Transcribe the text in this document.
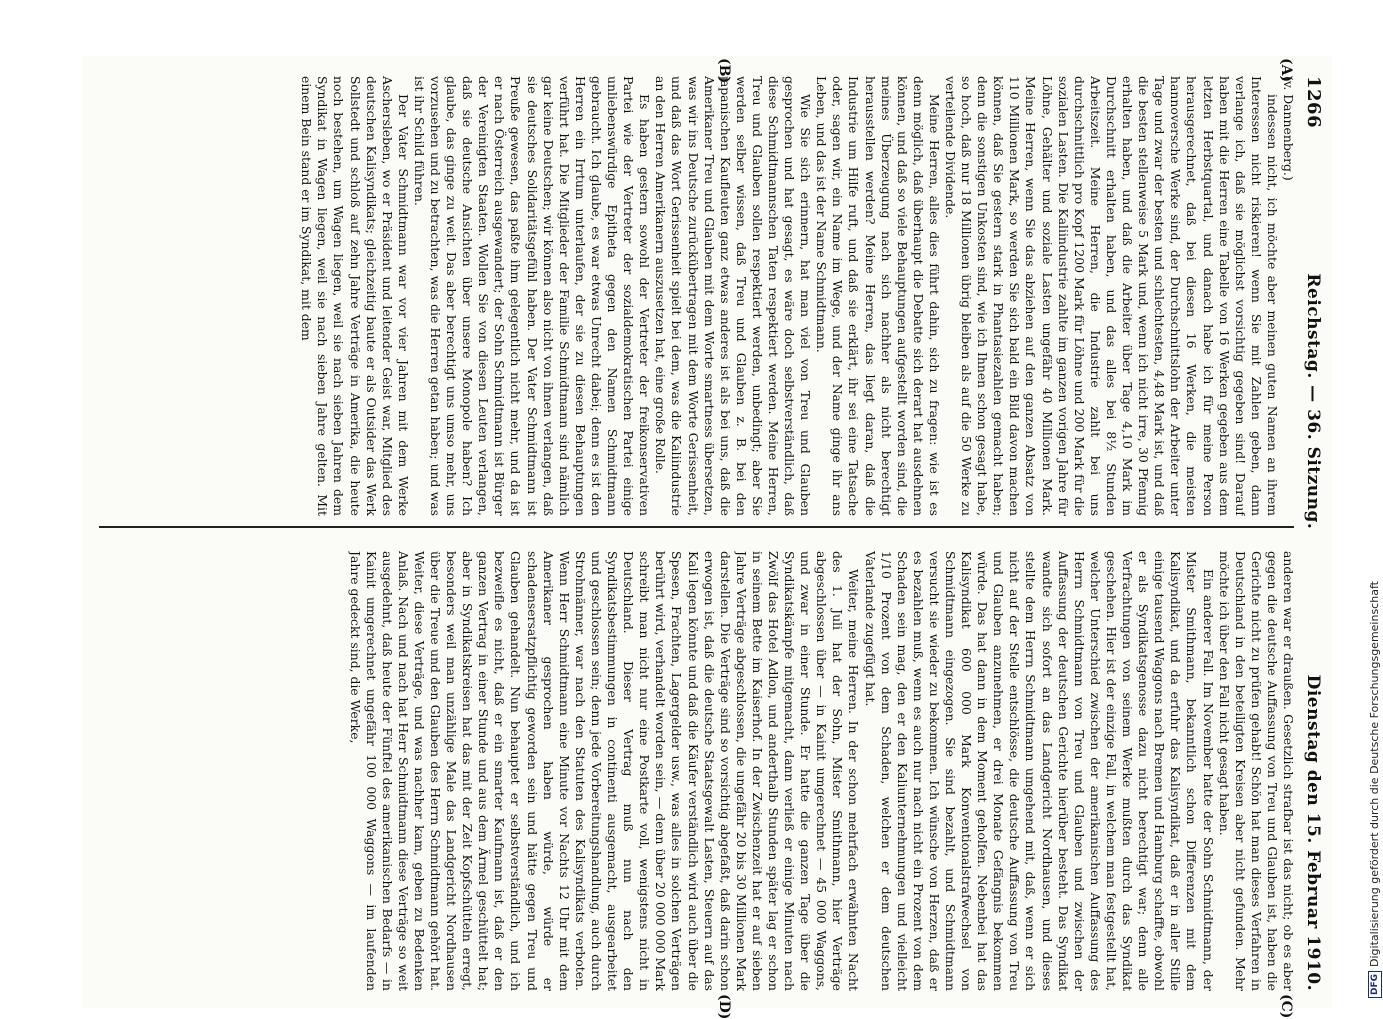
1266
Reichstag. — 36. Sitzung.
Dienstag den 15. Februar 1910.
(A)
(B)
(C)
(D)

(v. Dannenberg.)

indessen nicht, ich möchte aber meinen guten Namen an ihrem Interessen nicht riskieren! wenn Sie mit Zahlen geben, dann verlange ich, daß sie möglichst vorsichtig gegeben sind! Darauf haben mit die Herren eine Tabelle von 16 Werken gegeben aus dem letzten Herbstquartal, und danach habe ich für meine Person herausgerechnet, daß bei diesen 16 Werken, die meisten hannoversche Werke sind, der Durchschnittslohn der Arbeiter unter Tage und zwar der besten und schlechtesten, 4,48 Mark ist, und daß die besten stellenweise 5 Mark und, wenn ich nicht irre, 30 Pfennig erhalten haben, und daß die Arbeiter über Tage 4,10 Mark im Durchschnitt erhalten haben, und das alles bei 8½ Stunden Arbeitszeit. Meine Herren, die Industrie zahlt bei uns durchschnittlich pro Kopf 1200 Mark für Löhne und 200 Mark für die sozialen Lasten. Die Kaliindustrie zahlte im ganzen vorigen Jahre für Löhne, Gehälter und soziale Lasten ungefähr 40 Millionen Mark. Meine Herren, wenn Sie das abziehen auf den ganzen Absatz von 110 Millionen Mark, so werden Sie sich bald ein Bild davon machen können, daß Sie gestern stark in Phantasiezahlen gemacht haben; denn die sonstigen Unkosten sind, wie ich Ihnen schon gesagt habe, so hoch, daß nur 18 Millionen übrig bleiben als auf die 50 Werke zu verteilende Dividende.

Meine Herren, alles dies führt dahin, sich zu fragen: wie ist es denn möglich, daß überhaupt die Debatte sich derart hat ausdehnen können, und daß so viele Behauptungen aufgestellt worden sind, die meines Überzeugung nach sich nachher als nicht berechtigt herausstellen werden? Meine Herren, das liegt daran, daß die Industrie um Hilfe ruft, und daß sie erklärt, ihr sei eine Tatsache oder, sagen wir, ein Name im Wege, und der Name ginge ihr ans Leben, und das ist der Name Schmidtmann.

Wie Sie sich erinnern, hat man viel von Treu und Glauben gesprochen und hat gesagt, es wäre doch selbstverständlich, daß diese Schmidtmannschen Taten respektiert werden. Meine Herren, Treu und Glauben sollen respektiert werden, unbedingt; aber Sie werden selber wissen, daß Treu und Glauben z. B. bei den japanischen Kaufleuten ganz etwas anderes ist als bei uns, daß die Amerikaner Treu und Glauben mit dem Worte smartness übersetzen, was wir ins Deutsche zurückübertragen mit dem Worte Gerissenheit, und daß das Wort Gerissenheit spielt bei dem, was die Kaliindustrie an den Herren Amerikanern auszusetzen hat, eine große Rolle.

Es haben gestern sowohl der Vertreter der freikonservativen Partei wie der Vertreter der sozialdemokratischen Partei einige unliebenswürdige Epitheta gegen den Namen Schmidtmann gebraucht. Ich glaube, es war etwas Unrecht dabei; denn es ist den Herren ein Irrtum unterlaufen, der sie zu diesen Behauptungen verführt hat. Die Mitglieder der Familie Schmidtmann sind nämlich gar keine Deutschen; wir können also nicht von ihnen verlangen, daß sie deutsches Solidaritätsgefühl haben. Der Vater Schmidtmann ist Preuße gewesen, das paßte ihm gelegentlich nicht mehr, und da ist er nach Österreich ausgewandert; der Sohn Schmidtmann ist Bürger der Vereinigten Staaten. Wollen Sie von diesen Leuten verlangen, daß sie deutsche Ansichten über unsere Monopole haben? Ich glaube, das ginge zu weit. Das aber berechtigt uns umso mehr, uns vorzusehen und zu betrachten, was die Herren getan haben; und was ist ihr Schild führen.

Der Vater Schmidtmann war vor vier Jahren mit dem Werke Aschersleben, wo er Präsident und leitender Geist war, Mitglied des deutschen Kalisyndikats; gleichzeitig baute er als Outsider das Werk Sollstedt und schloß auf zehn Jahre Verträge in Amerika, die heute noch bestehen, um Wagen liegen, weil sie nach sieben Jahren dem Syndikat in Wagen liegen, weil sie nach sieben Jahre gelten. Mit einem Bein stand er im Syndikat, mit dem

anderen war er draußen. Gesetzlich strafbar ist das nicht; ob es aber gegen die deutsche Auffassung von Treu und Glauben ist, haben die Gerichte nicht zu prüfen gehabt! Schön hat man dieses Verfahren in Deutschland in den beteiligten Kreisen aber nicht gefunden. Mehr möchte ich über den Fall nicht gesagt haben.

Ein anderer Fall. Im November hatte der Sohn Schmidtmann, der Mister Smithmann, bekanntlich schon Differenzen mit dem Kalisyndikat, und da erfuhr das Kalisyndikat, daß er in aller Stille einige tausend Waggons nach Bremen und Hamburg schaffte, obwohl er als Syndikatsgenosse dazu nicht berechtigt war; denn alle Verfrachtungen von seinem Werke mußten durch das Syndikat geschehen. Hier ist der einzige Fall, in welchem man festgestellt hat, welcher Unterschied zwischen der amerikanischen Auffassung des Herrn Schmidtmann von Treu und Glauben und zwischen der Auffassung der deutschen Gerichte hierüber besteht. Das Syndikat wandte sich sofort an das Landgericht Nordhausen, und dieses stellte dem Herrn Schmidtmann umgehend mit, daß, wenn er sich nicht auf der Stelle entschlösse, die deutsche Auffassung von Treu und Glauben anzunehmen, er drei Monate Gefängnis bekommen würde. Das hat dann in dem Moment geholfen. Nebenbei hat das Kalisyndikat 600 000 Mark Konventionalstrafwechsel von Schmidtmann eingezogen. Sie sind bezahlt, und Schmidtmann versucht sie wieder zu bekommen. Ich wünsche von Herzen, daß er es bezahlen muß, wenn es auch nur nach nicht ein Prozent von dem Schaden sein mag, den er den Kaliunternehmungen und vielleicht 1/10 Prozent von dem Schaden, welchen er dem deutschen Vaterlande zugefügt hat.

Weiter, meine Herren. In der schon mehrfach erwähnten Nacht des 1. Juli hat der Sohn, Mister Smithmann, hier Verträge abgeschlossen über — in Kainit umgerechnet — 45 000 Waggons, und zwar in einer Stunde. Er hatte die ganzen Tage über die Syndikatskämpfe mitgemacht, dann verließ er einige Minuten nach Zwölf das Hotel Adlon, und anderthalb Stunden später lag er schon in seinem Bette im Kaiserhof. In der Zwischenzeit hat er auf sieben Jahre Verträge abgeschlossen, die ungefähr 20 bis 30 Millionen Mark darstellen. Die Verträge sind so vorsichtig abgefaßt, daß darin schon erwogen ist, daß die deutsche Staatsgewalt Lasten, Steuern auf das Kali legen könnte und daß die Käufer verständlich wird auch über die Spesen, Frachten, Lagergelder usw., was alles in solchen Verträgen berührt wird, verhandelt worden sein, — denn über 20 000 000 Mark schreibt man nicht nur eine Postkarte voll, wenigstens nicht in Deutschland. Dieser Vertrag muß nun nach den Syndikatsbestimmungen in continenti ausgemacht, ausgearbeitet und geschlossen sein; denn jede Vorbereitungshandlung, auch durch Strohmänner, war nach den Statuten des Kalisyndikats verboten. Wenn Herr Schmidtmann eine Minute vor Nachts 12 Uhr mit dem Amerikaner gesprochen haben würde, würde er schadensersatzpflichtig geworden sein und hätte gegen Treu und Glauben gehandelt. Nun behauptet er selbstverständlich, und ich bezweifle es nicht, daß er ein smarter Kaufmann ist, daß er den ganzen Vertrag in einer Stunde und aus dem Ärmel geschüttelt hat; aber in Syndikatskreisen hat das mit der Zeit Kopfschütteln erregt, besonders weil man unzählige Male das Landgericht Nordhausen über die Treue und den Glauben des Herrn Schmidtmann gehört hat. Weiter, diese Verträge, und was nachher kam, geben zu Bedenken Anlaß. Nach und nach hat Herr Schmidtmann diese Verträge so weit ausgedehnt, daß heute der Fünftel des amerikanischen Bedarfs — in Kainit umgerechnet ungefähr 100 000 Waggons — im laufenden Jahre gedeckt sind, die Werke,

DFG
Digitalisierung gefördert durch die Deutsche Forschungsgemeinschaft
